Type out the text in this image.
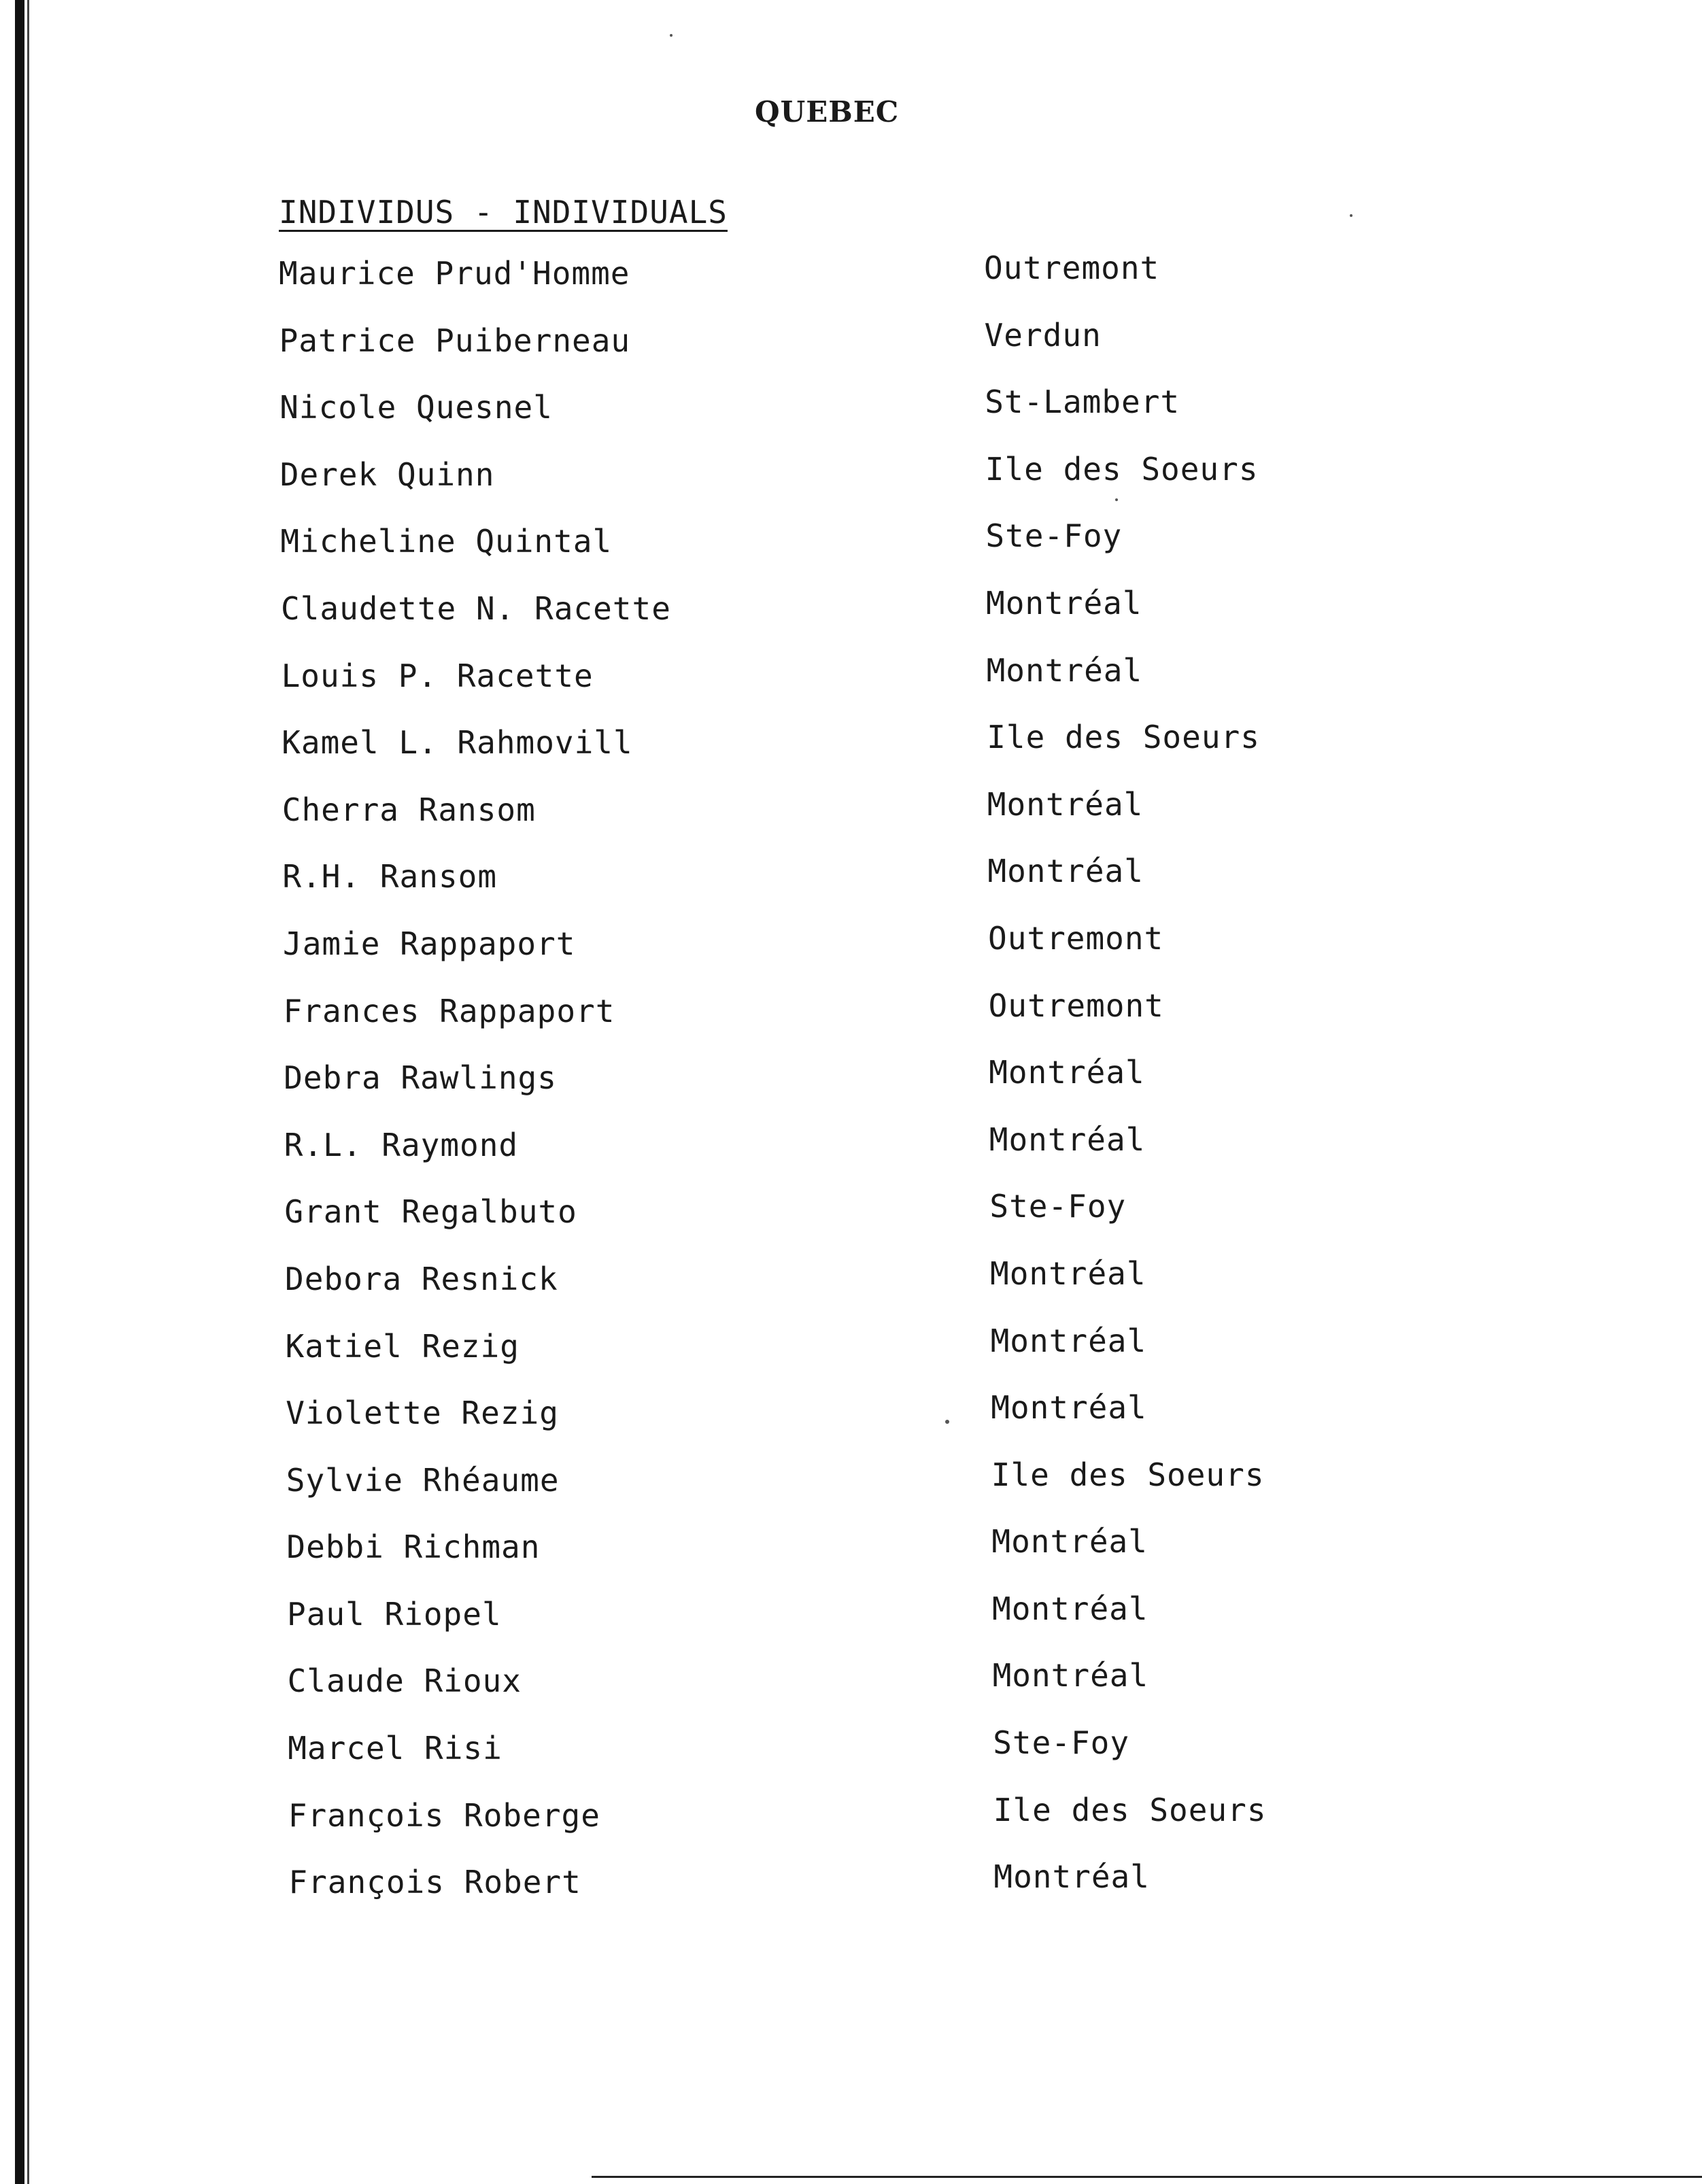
QUEBEC
INDIVIDUS - INDIVIDUALS
Maurice Prud'Homme	Outremont
Patrice Puiberneau	Verdun
Nicole Quesnel	St-Lambert
Derek Quinn	Ile des Soeurs
Micheline Quintal	Ste-Foy
Claudette N. Racette	Montréal
Louis P. Racette	Montréal
Kamel L. Rahmovill	Ile des Soeurs
Cherra Ransom	Montréal
R.H. Ransom	Montréal
Jamie Rappaport	Outremont
Frances Rappaport	Outremont
Debra Rawlings	Montréal
R.L. Raymond	Montréal
Grant Regalbuto	Ste-Foy
Debora Resnick	Montréal
Katiel Rezig	Montréal
Violette Rezig	Montréal
Sylvie Rhéaume	Ile des Soeurs
Debbi Richman	Montréal
Paul Riopel	Montréal
Claude Rioux	Montréal
Marcel Risi	Ste-Foy
François Roberge	Ile des Soeurs
François Robert	Montréal
